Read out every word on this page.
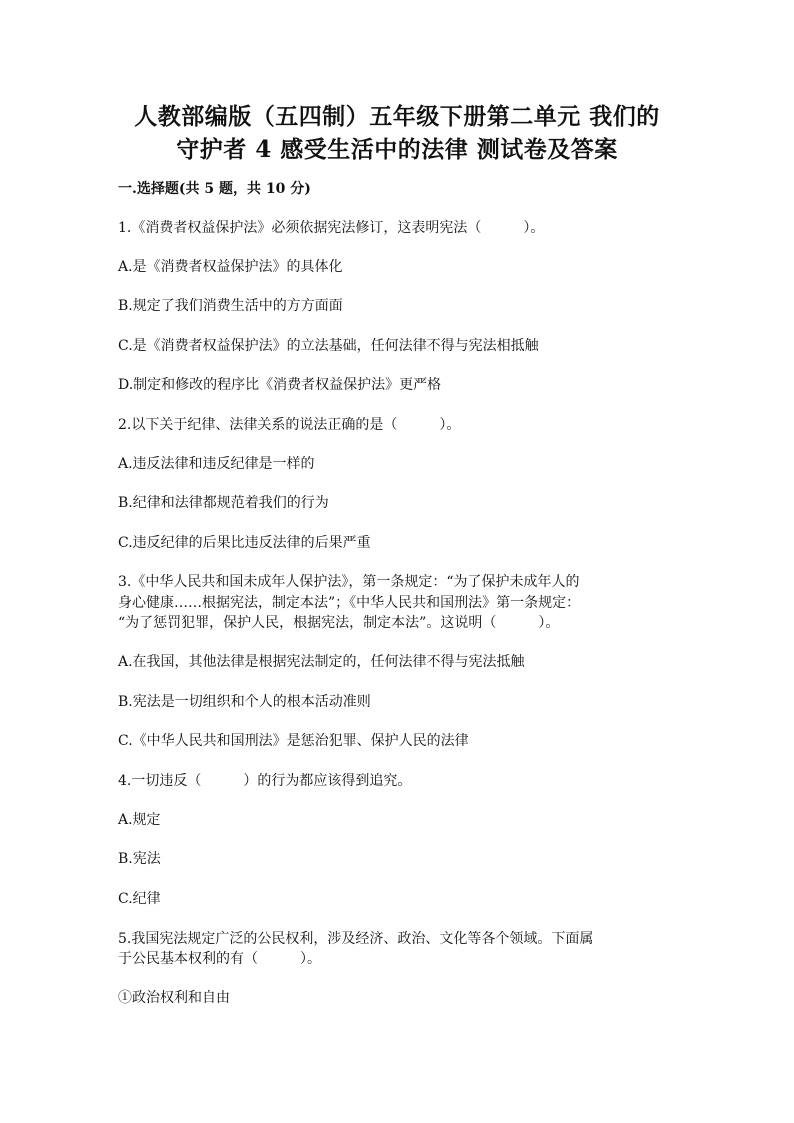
人教部编版（五四制）五年级下册第二单元 我们的
守护者 4 感受生活中的法律 测试卷及答案
一.选择题(共 5 题，共 10 分)
1.《消费者权益保护法》必须依据宪法修订，这表明宪法（　　　）。
A.是《消费者权益保护法》的具体化
B.规定了我们消费生活中的方方面面
C.是《消费者权益保护法》的立法基础，任何法律不得与宪法相抵触
D.制定和修改的程序比《消费者权益保护法》更严格
2.以下关于纪律、法律关系的说法正确的是（　　　）。
A.违反法律和违反纪律是一样的
B.纪律和法律都规范着我们的行为
C.违反纪律的后果比违反法律的后果严重
3.《中华人民共和国未成年人保护法》，第一条规定：“为了保护未成年人的
身心健康……根据宪法，制定本法”；《中华人民共和国刑法》第一条规定：
“为了惩罚犯罪，保护人民，根据宪法，制定本法”。这说明（　　　）。
A.在我国，其他法律是根据宪法制定的，任何法律不得与宪法抵触
B.宪法是一切组织和个人的根本活动准则
C.《中华人民共和国刑法》是惩治犯罪、保护人民的法律
4.一切违反（　　　）的行为都应该得到追究。
A.规定
B.宪法
C.纪律
5.我国宪法规定广泛的公民权利，涉及经济、政治、文化等各个领域。下面属
于公民基本权利的有（　　　）。
①政治权利和自由
